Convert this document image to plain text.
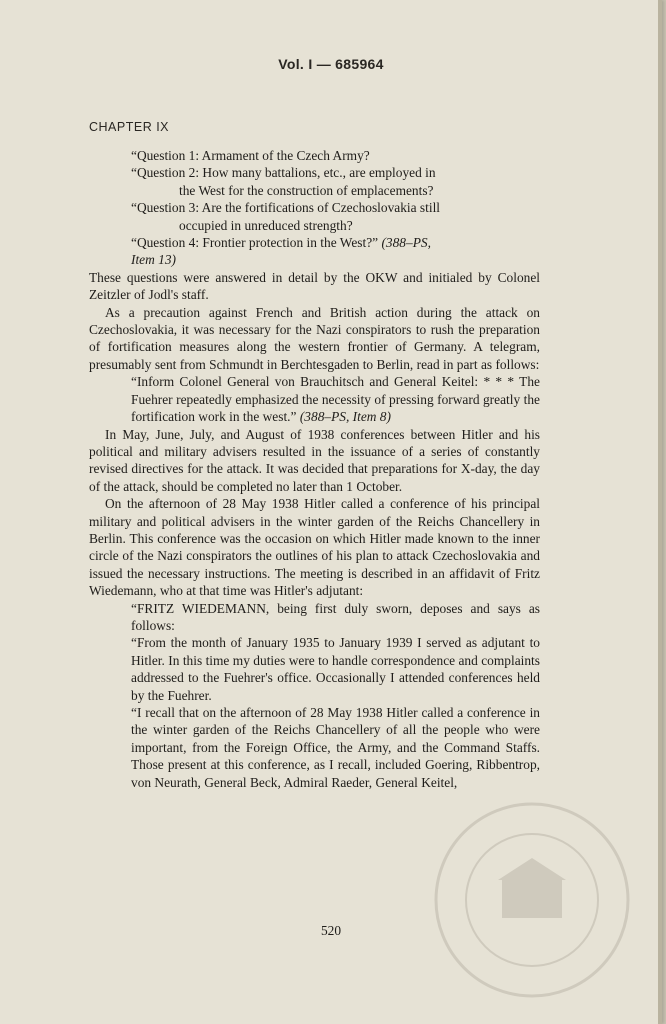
Vol. I — 685964
CHAPTER IX

“Question 1: Armament of the Czech Army?

“Question 2: How many battalions, etc., are employed in
the West for the construction of emplacements?

“Question 3: Are the fortifications of Czechoslovakia still
occupied in unreduced strength?

“Question 4: Frontier protection in the West?” (388–PS,
Item 13)

These questions were answered in detail by the OKW and initialed by Colonel Zeitzler of Jodl's staff.

As a precaution against French and British action during the attack on Czechoslovakia, it was necessary for the Nazi conspirators to rush the preparation of fortification measures along the western frontier of Germany. A telegram, presumably sent from Schmundt in Berchtesgaden to Berlin, read in part as follows:

“Inform Colonel General von Brauchitsch and General Keitel: * * * The Fuehrer repeatedly emphasized the necessity of pressing forward greatly the fortification work in the west.” (388–PS, Item 8)

In May, June, July, and August of 1938 conferences between Hitler and his political and military advisers resulted in the issuance of a series of constantly revised directives for the attack. It was decided that preparations for X-day, the day of the attack, should be completed no later than 1 October.

On the afternoon of 28 May 1938 Hitler called a conference of his principal military and political advisers in the winter garden of the Reichs Chancellery in Berlin. This conference was the occasion on which Hitler made known to the inner circle of the Nazi conspirators the outlines of his plan to attack Czechoslovakia and issued the necessary instructions. The meeting is described in an affidavit of Fritz Wiedemann, who at that time was Hitler's adjutant:

“FRITZ WIEDEMANN, being first duly sworn, deposes and says as follows:

“From the month of January 1935 to January 1939 I served as adjutant to Hitler. In this time my duties were to handle correspondence and complaints addressed to the Fuehrer's office. Occasionally I attended conferences held by the Fuehrer.

“I recall that on the afternoon of 28 May 1938 Hitler called a conference in the winter garden of the Reichs Chancellery of all the people who were important, from the Foreign Office, the Army, and the Command Staffs. Those present at this conference, as I recall, included Goering, Ribbentrop, von Neurath, General Beck, Admiral Raeder, General Keitel,

520
